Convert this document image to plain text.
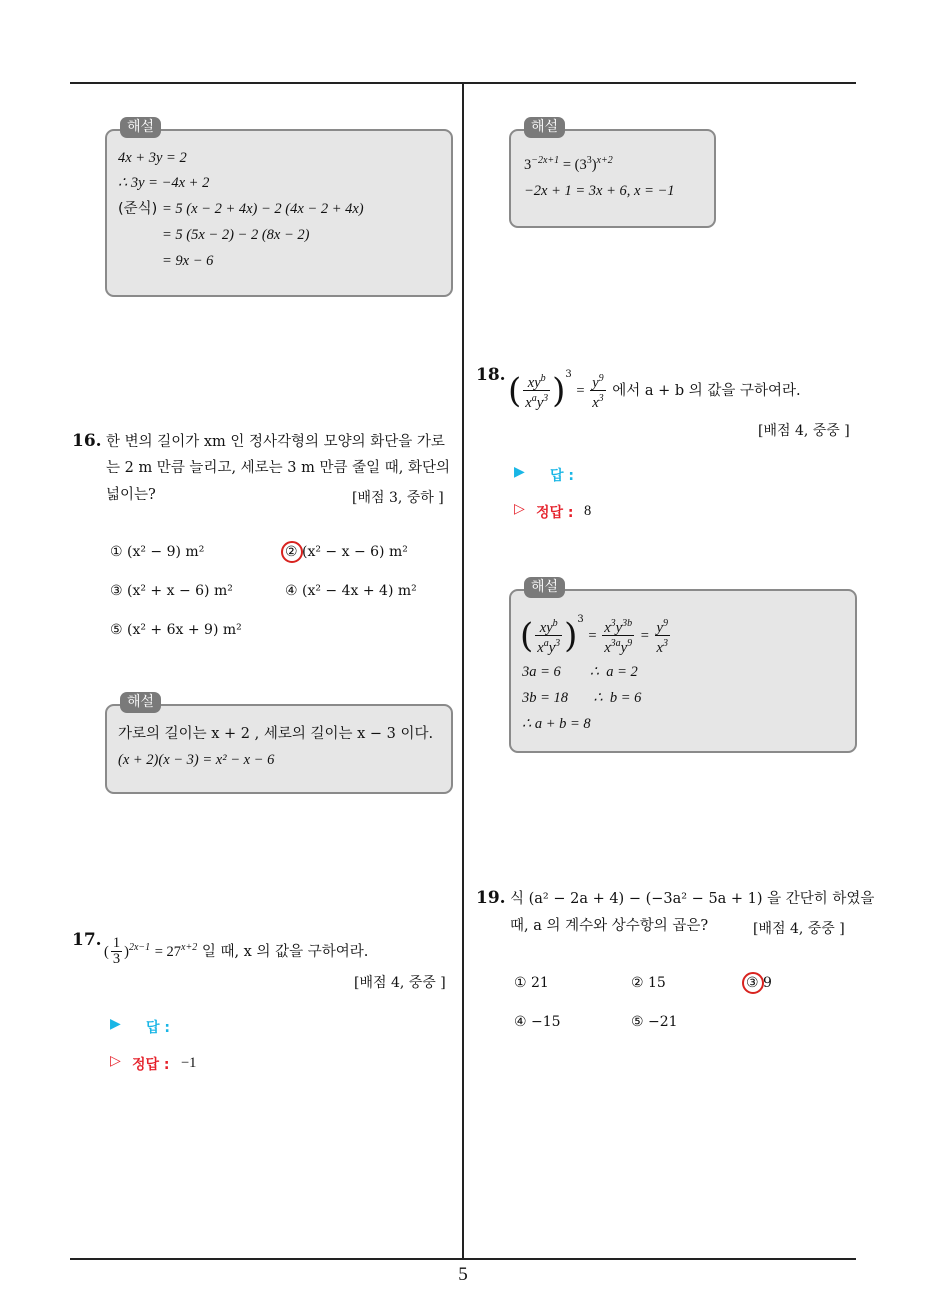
해설
4x + 3y = 2
∴ 3y = −4x + 2
(준식) = 5 (x − 2 + 4x) − 2 (4x − 2 + 4x)
= 5 (5x − 2) − 2 (8x − 2)
= 9x − 6
16. 한 변의 길이가 xm 인 정사각형의 모양의 화단을 가로
는 2 m 만큼 늘리고, 세로는 3 m 만큼 줄일 때, 화단의
넓이는?	[배점 3, 중하 ]
① (x² − 9) m²	② (x² − x − 6) m²
③ (x² + x − 6) m²	④ (x² − 4x + 4) m²
⑤ (x² + 6x + 9) m²
해설
가로의 길이는 x + 2 , 세로의 길이는 x − 3 이다.
(x + 2)(x − 3) = x² − x − 6
17.
( $\frac{1}{3} )^{2x-1} = 27^{x+2}$ 일 때, x 의 값을 구하여라.
[배점 4, 중중 ]
▶ 답 :
▷ 정답 : −1
해설
$3^{-2x+1} = (3^3)^{x+2}$
−2x + 1 = 3x + 6, x = −1
18. ( $\frac{xy^b}{x^ay^3} )^3 = \frac{y^9}{x^3}$ 에서 a + b 의 값을 구하여라.
[배점 4, 중중 ]
▶ 답 :
▷ 정답 : 8
해설
( $\frac{xy^b}{x^ay^3} )^3 = \frac{x^3y^{3b}}{x^{3a}y^9} = \frac{y^9}{x^3}$
3a = 6        ∴  a = 2
3b = 18       ∴  b = 6
∴ a + b = 8
19. 식 (a² − 2a + 4) − (−3a² − 5a + 1) 을 간단히 하였을
때, a 의 계수와 상수항의 곱은?	[배점 4, 중중 ]
① 21	② 15	③ 9
④ −15	⑤ −21
5
